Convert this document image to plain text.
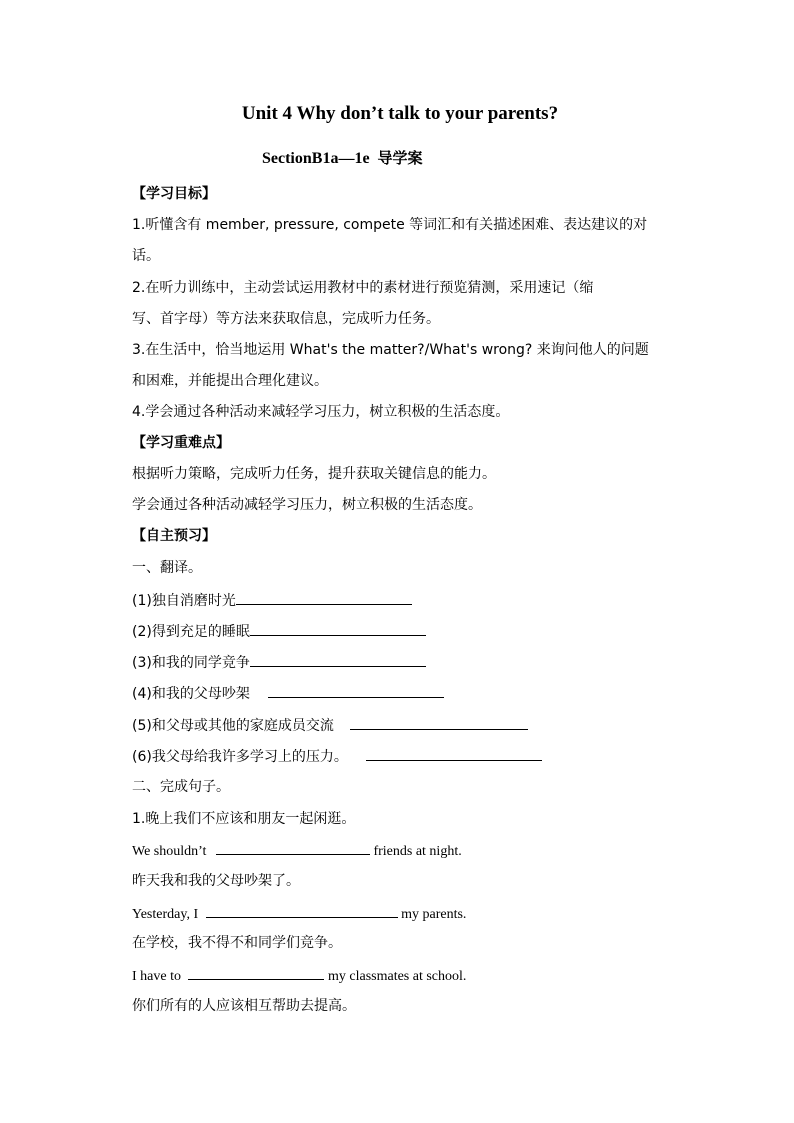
Unit 4 Why don’t talk to your parents?
SectionB1a—1e 导学案
【学习目标】
1.听懂含有 member, pressure, compete 等词汇和有关描述困难、表达建议的对
话。
2.在听力训练中，主动尝试运用教材中的素材进行预览猜测，采用速记（缩
写、首字母）等方法来获取信息，完成听力任务。
3.在生活中，恰当地运用 What's the matter?/What's wrong? 来询问他人的问题
和困难，并能提出合理化建议。
4.学会通过各种活动来减轻学习压力，树立积极的生活态度。
【学习重难点】
根据听力策略，完成听力任务，提升获取关键信息的能力。
学会通过各种活动减轻学习压力，树立积极的生活态度。
【自主预习】
一、翻译。
(1)独自消磨时光
(2)得到充足的睡眠
(3)和我的同学竞争
(4)和我的父母吵架
(5)和父母或其他的家庭成员交流
(6)我父母给我许多学习上的压力。
二、完成句子。
1.晚上我们不应该和朋友一起闲逛。
We shouldn’t	friends at night.
昨天我和我的父母吵架了。
Yesterday, I	my parents.
在学校，我不得不和同学们竞争。
I have to	my classmates at school.
你们所有的人应该相互帮助去提高。
